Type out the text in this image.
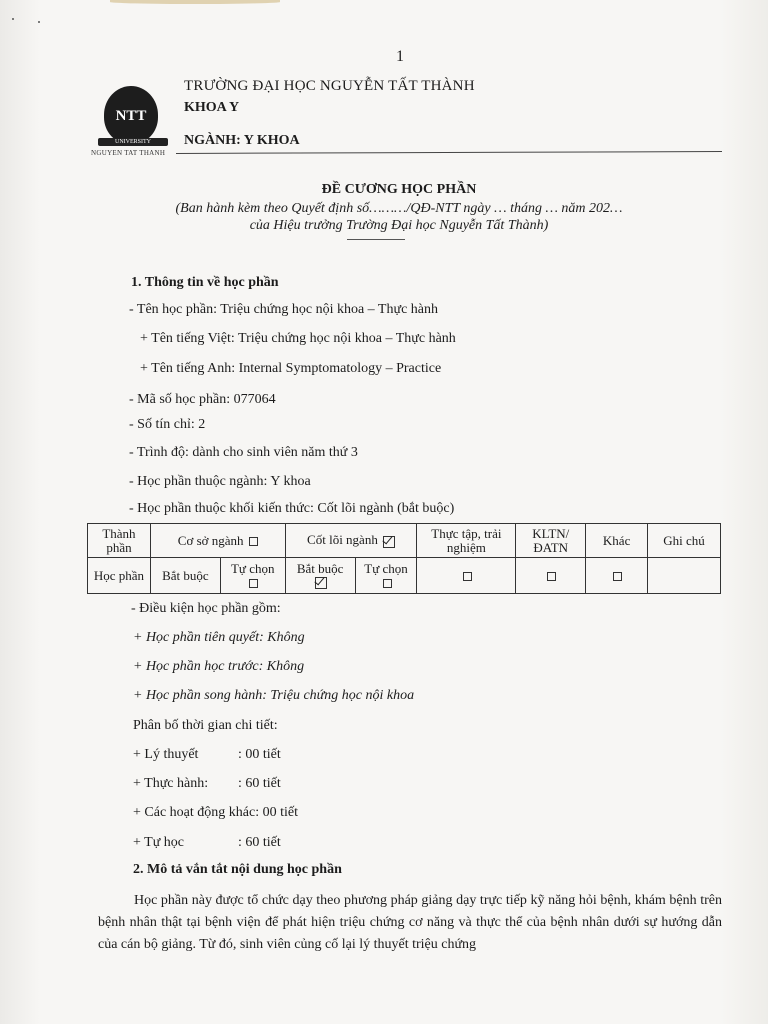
1
NTT
UNIVERSITY
NGUYEN TAT THANH
TRƯỜNG ĐẠI HỌC NGUYỄN TẤT THÀNH
KHOA Y
NGÀNH: Y KHOA
ĐỀ CƯƠNG HỌC PHẦN
(Ban hành kèm theo Quyết định số………/QĐ-NTT ngày … tháng … năm 202…
của Hiệu trưởng Trường Đại học Nguyễn Tất Thành)
1. Thông tin về học phần
- Tên học phần: Triệu chứng học nội khoa – Thực hành
+ Tên tiếng Việt: Triệu chứng học nội khoa – Thực hành
+ Tên tiếng Anh: Internal Symptomatology – Practice
- Mã số học phần: 077064
- Số tín chỉ: 2
- Trình độ: dành cho sinh viên năm thứ 3
- Học phần thuộc ngành: Y khoa
- Học phần thuộc khối kiến thức: Cốt lõi ngành (bắt buộc)
Thành phần	Cơ sở ngành		Cốt lõi ngành		Thực tập, trải nghiệm	KLTN/ ĐATN	Khác	Ghi chú
Học phần	Bắt buộc	Tự chọn	Bắt buộc	Tự chọn

- Điều kiện học phần gồm:
+ Học phần tiên quyết: Không
+ Học phần học trước: Không
+ Học phần song hành: Triệu chứng học nội khoa
Phân bố thời gian chi tiết:
+ Lý thuyết	: 00 tiết
+ Thực hành: : 60 tiết
+ Các hoạt động khác: 00 tiết
+ Tự học	: 60 tiết
2. Mô tả vắn tắt nội dung học phần
Học phần này được tổ chức dạy theo phương pháp giảng dạy trực tiếp kỹ năng hỏi bệnh, khám bệnh trên bệnh nhân thật tại bệnh viện để phát hiện triệu chứng cơ năng và thực thể của bệnh nhân dưới sự hướng dẫn của cán bộ giảng. Từ đó, sinh viên củng cố lại lý thuyết triệu chứng
